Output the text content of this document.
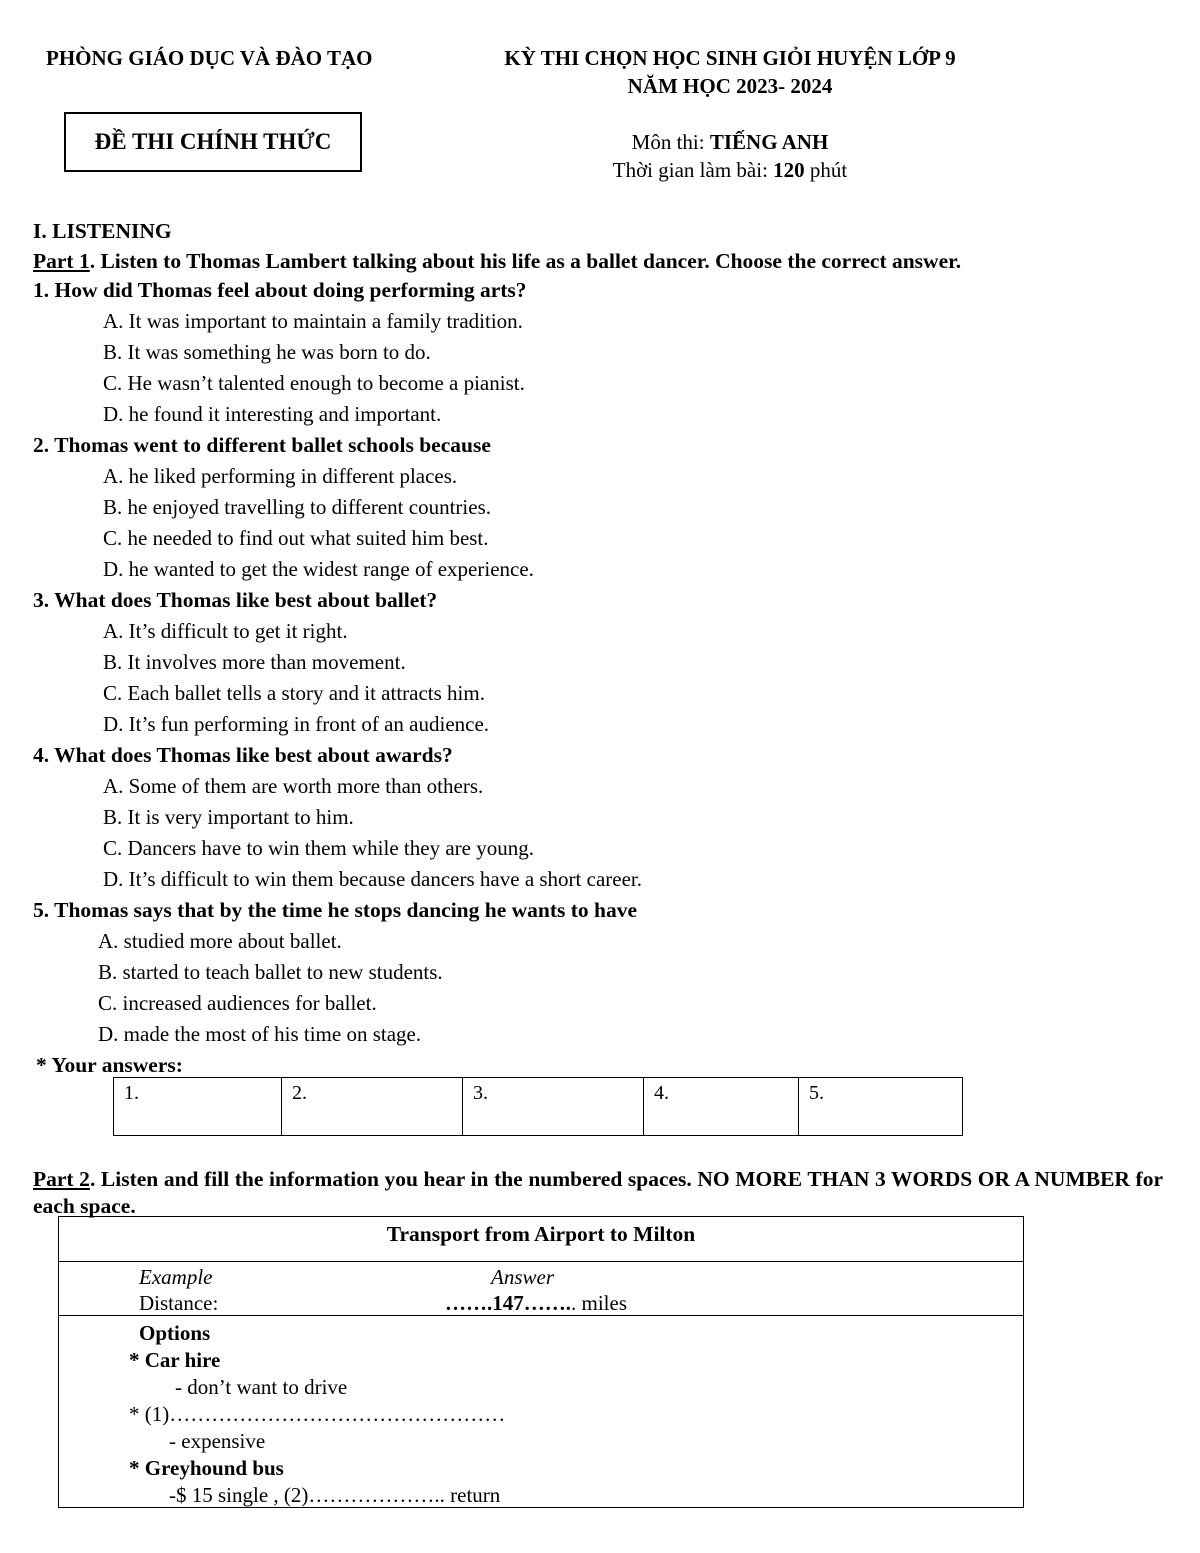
PHÒNG GIÁO DỤC VÀ ĐÀO TẠO	KỲ THI CHỌN HỌC SINH GIỎI HUYỆN LỚP 9
NĂM HỌC 2023- 2024
ĐỀ THI CHÍNH THỨC	Môn thi: TIẾNG ANH
Thời gian làm bài: 120 phút
I. LISTENING
Part 1. Listen to Thomas Lambert talking about his life as a ballet dancer. Choose the correct answer.
1. How did Thomas feel about doing performing arts?
A. It was important to maintain a family tradition.
B. It was something he was born to do.
C. He wasn’t talented enough to become a pianist.
D. he found it interesting and important.
2. Thomas went to different ballet schools because
A. he liked performing in different places.
B. he enjoyed travelling to different countries.
C. he needed to find out what suited him best.
D. he wanted to get the widest range of experience.
3. What does Thomas like best about ballet?
A. It’s difficult to get it right.
B. It involves more than movement.
C. Each ballet tells a story and it attracts him.
D. It’s fun performing in front of an audience.
4. What does Thomas like best about awards?
A. Some of them are worth more than others.
B. It is very important to him.
C. Dancers have to win them while they are young.
D. It’s difficult to win them because dancers have a short career.
5. Thomas says that by the time he stops dancing he wants to have
A. studied more about ballet.
B. started to teach ballet to new students.
C. increased audiences for ballet.
D. made the most of his time on stage.
* Your answers:
1.	2.	3.	4.	5.
Part 2. Listen and fill the information you hear in the numbered spaces. NO MORE THAN 3 WORDS OR A NUMBER for each space.
Transport from Airport to Milton
Example	Answer
Distance:	…….147…….. miles
Options
* Car hire
- don’t want to drive
* (1)…………………………………………
- expensive
* Greyhound bus
-$ 15 single , (2)……………….. return
